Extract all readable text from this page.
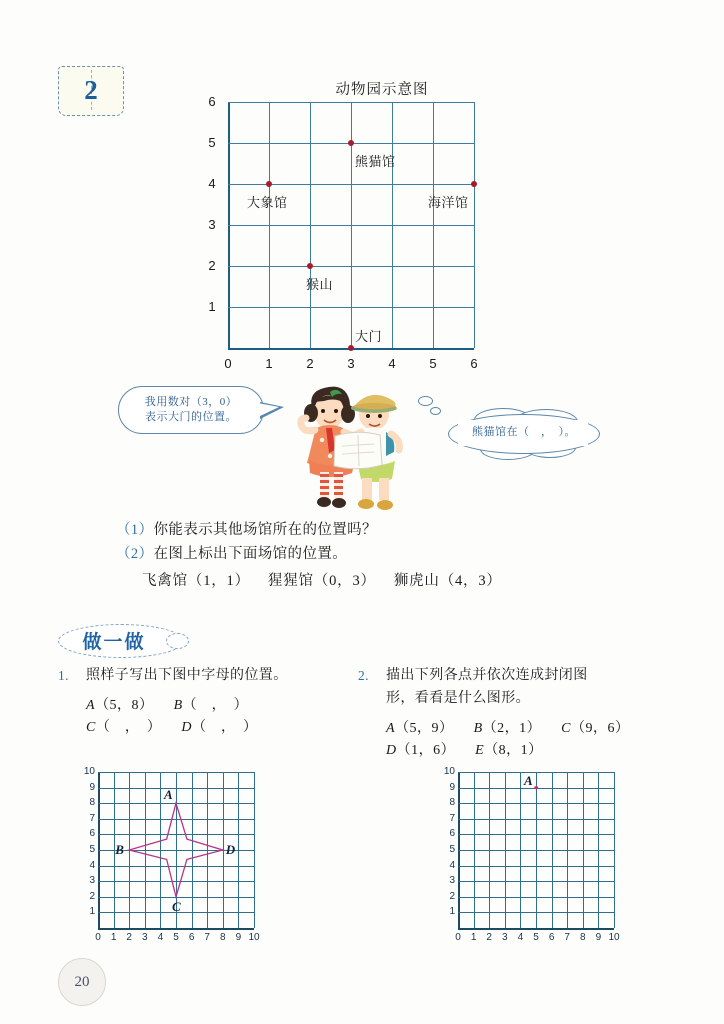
2	动物园示意图
1
2
3
4
5
6
0	1	2	3	4	5	6
熊猫馆
大象馆	海洋馆
猴山
大门
我用数对（3，0）
表示大门的位置。
熊猫馆在（　，　）。
（1）你能表示其他场馆所在的位置吗？
（2）在图上标出下面场馆的位置。
飞禽馆（1，1） 猩猩馆（0，3） 狮虎山（4，3）
做一做
1.	照样子写出下图中字母的位置。
A（5，8） B（　，　）
C（　，　） D（　，　）
2.	描出下列各点并依次连成封闭图形，看看是什么图形。
A（5，9） B（2，1） C（9，6）
D（1，6） E（8，1）
1
2
3
4
5
6
7
8
9
10
0	1	2	3	4	5	6	7	8	9 10
A
B
C
D
1
2
3
4
5
6
7
8
9
10
0	1	2	3	4	5	6	7	8	9 10
A
20
